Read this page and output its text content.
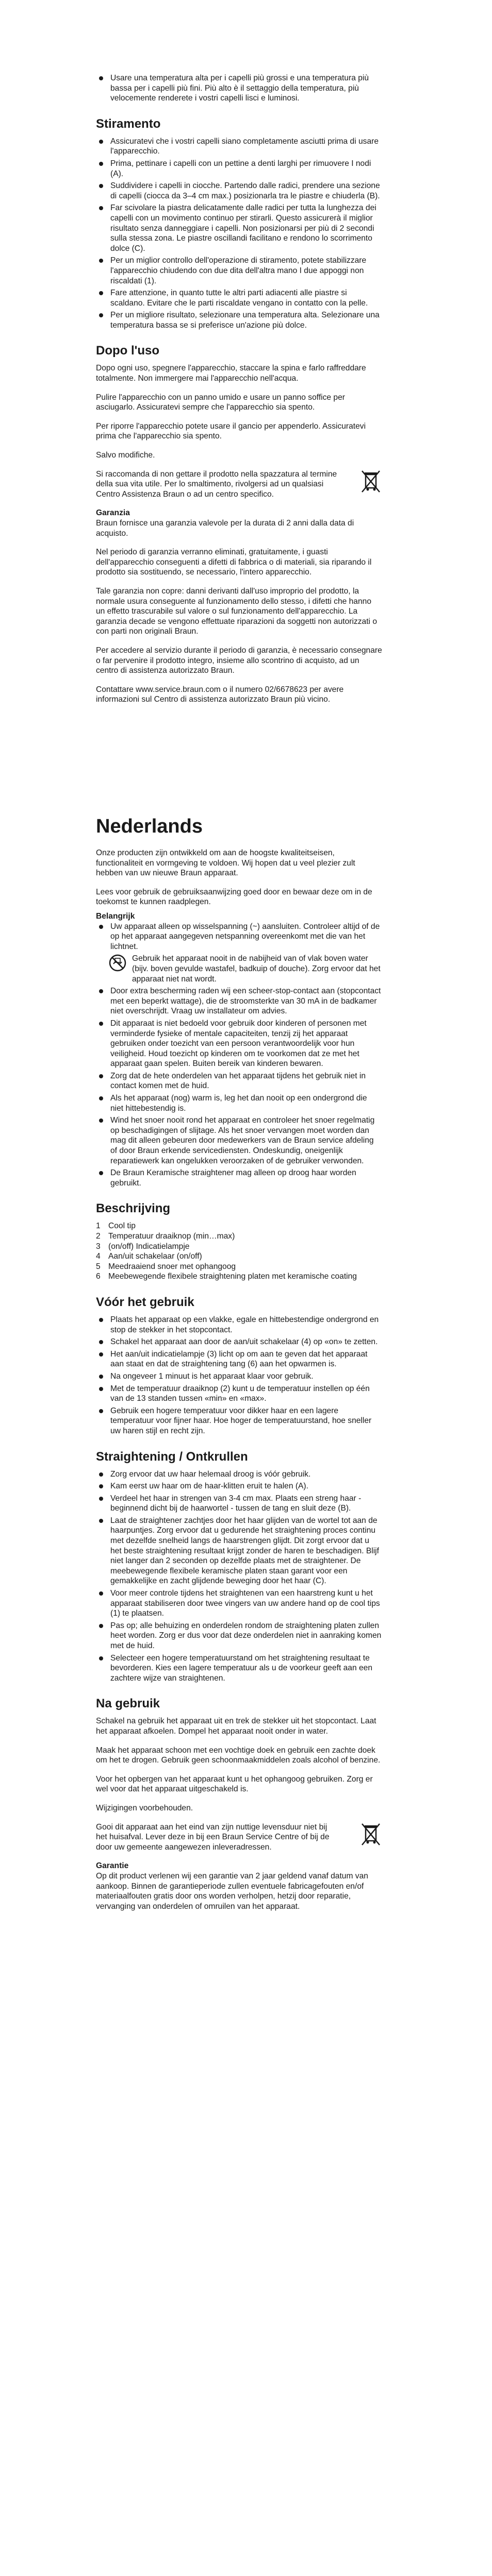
Usare una temperatura alta per i capelli più grossi e una temperatura più bassa per i capelli più fini. Più alto è il settaggio della temperatura, più velocemente renderete i vostri capelli lisci e luminosi.
Stiramento
Assicuratevi che i vostri capelli siano completamente asciutti prima di usare l'apparecchio.
Prima, pettinare i capelli con un pettine a denti larghi per rimuovere I nodi (A).
Suddividere i capelli in ciocche. Partendo dalle radici, prendere una sezione di capelli (ciocca da 3–4 cm max.) posizionarla tra le piastre e chiuderla (B).
Far scivolare la piastra delicatamente dalle radici per tutta la lunghezza dei capelli con un movimento continuo per stirarli. Questo assicurerà il miglior risultato senza danneggiare i capelli. Non posizionarsi per più di 2 secondi sulla stessa zona. Le piastre oscillandi facilitano e rendono lo scorrimento dolce (C).
Per un miglior controllo dell'operazione di stiramento, potete stabilizzare l'apparecchio chiudendo con due dita dell'altra mano I due appoggi non riscaldati (1).
Fare attenzione, in quanto tutte le altri parti adiacenti alle piastre si scaldano. Evitare che le parti riscaldate vengano in contatto con la pelle.
Per un migliore risultato, selezionare una temperatura alta. Selezionare una temperatura bassa se si preferisce un'azione più dolce.
Dopo l'uso

Dopo ogni uso, spegnere l'apparecchio, staccare la spina e farlo raffreddare totalmente. Non immergere mai l'apparecchio nell'acqua.

Pulire l'apparecchio con un panno umido e usare un panno soffice per asciugarlo. Assicuratevi sempre che l'apparecchio sia spento.

Per riporre l'apparecchio potete usare il gancio per appenderlo. Assicuratevi prima che l'apparecchio sia spento.

Salvo modifiche.

Si raccomanda di non gettare il prodotto nella spazzatura al termine della sua vita utile. Per lo smaltimento, rivolgersi ad un qualsiasi Centro Assistenza Braun o ad un centro specifico.

Garanzia

Braun fornisce una garanzia valevole per la durata di 2 anni dalla data di acquisto.

Nel periodo di garanzia verranno eliminati, gratuitamente, i guasti dell'apparecchio conseguenti a difetti di fabbrica o di materiali, sia riparando il prodotto sia sostituendo, se necessario, l'intero apparecchio.

Tale garanzia non copre: danni derivanti dall'uso improprio del prodotto, la normale usura conseguente al funzionamento dello stesso, i difetti che hanno un effetto trascurabile sul valore o sul funzionamento dell'apparecchio. La garanzia decade se vengono effettuate riparazioni da soggetti non autorizzati o con parti non originali Braun.

Per accedere al servizio durante il periodo di garanzia, è necessario consegnare o far pervenire il prodotto integro, insieme allo scontrino di acquisto, ad un centro di assistenza autorizzato Braun.

Contattare www.service.braun.com o il numero 02/6678623 per avere informazioni sul Centro di assistenza autorizzato Braun più vicino.

Nederlands

Onze producten zijn ontwikkeld om aan de hoogste kwaliteitseisen, functionaliteit en vormgeving te voldoen. Wij hopen dat u veel plezier zult hebben van uw nieuwe Braun apparaat.

Lees voor gebruik de gebruiksaanwijzing goed door en bewaar deze om in de toekomst te kunnen raadplegen.

Belangrijk
Uw apparaat alleen op wisselspanning (~) aansluiten. Controleer altijd of de op het apparaat aangegeven netspanning overeenkomt met die van het lichtnet.
Gebruik het apparaat nooit in de nabijheid van of vlak boven water (bijv. boven gevulde wastafel, badkuip of douche). Zorg ervoor dat het apparaat niet nat wordt.
Door extra bescherming raden wij een scheer-stop-contact aan (stopcontact met een beperkt wattage), die de stroomsterkte van 30 mA in de badkamer niet overschrijdt. Vraag uw installateur om advies.
Dit apparaat is niet bedoeld voor gebruik door kinderen of personen met verminderde fysieke of mentale capaciteiten, tenzij zij het apparaat gebruiken onder toezicht van een persoon verantwoordelijk voor hun veiligheid. Houd toezicht op kinderen om te voorkomen dat ze met het apparaat gaan spelen. Buiten bereik van kinderen bewaren.
Zorg dat de hete onderdelen van het apparaat tijdens het gebruik niet in contact komen met de huid.
Als het apparaat (nog) warm is, leg het dan nooit op een ondergrond die niet hittebestendig is.
Wind het snoer nooit rond het apparaat en controleer het snoer regelmatig op beschadigingen of slijtage. Als het snoer vervangen moet worden dan mag dit alleen gebeuren door medewerkers van de Braun service afdeling of door Braun erkende servicediensten. Ondeskundig, oneigenlijk reparatiewerk kan ongelukken veroorzaken of de gebruiker verwonden.
De Braun Keramische straightener mag alleen op droog haar worden gebruikt.
Beschrijving
1 Cool tip
2 Temperatuur draaiknop (min…max)
3 (on/off) Indicatielampje
4 Aan/uit schakelaar (on/off)
5 Meedraaiend snoer met ophangoog
6 Meebewegende flexibele straightening platen met keramische coating
Vóór het gebruik
Plaats het apparaat op een vlakke, egale en hittebestendige ondergrond en stop de stekker in het stopcontact.
Schakel het apparaat aan door de aan/uit schakelaar (4) op «on» te zetten.
Het aan/uit indicatielampje (3) licht op om aan te geven dat het apparaat aan staat en dat de straightening tang (6) aan het opwarmen is.
Na ongeveer 1 minuut is het apparaat klaar voor gebruik.
Met de temperatuur draaiknop (2) kunt u de temperatuur instellen op één van de 13 standen tussen «min» en «max».
Gebruik een hogere temperatuur voor dikker haar en een lagere temperatuur voor fijner haar. Hoe hoger de temperatuurstand, hoe sneller uw haren stijl en recht zijn.
Straightening / Ontkrullen
Zorg ervoor dat uw haar helemaal droog is vóór gebruik.
Kam eerst uw haar om de haar-klitten eruit te halen (A).
Verdeel het haar in strengen van 3-4 cm max. Plaats een streng haar - beginnend dicht bij de haarwortel - tussen de tang en sluit deze (B).
Laat de straightener zachtjes door het haar glijden van de wortel tot aan de haarpuntjes. Zorg ervoor dat u gedurende het straightening proces continu met dezelfde snelheid langs de haarstrengen glijdt. Dit zorgt ervoor dat u het beste straightening resultaat krijgt zonder de haren te beschadigen. Blijf niet langer dan 2 seconden op dezelfde plaats met de straightener. De meebewegende flexibele keramische platen staan garant voor een gemakkelijke en zacht glijdende beweging door het haar (C).
Voor meer controle tijdens het straightenen van een haarstreng kunt u het apparaat stabiliseren door twee vingers van uw andere hand op de cool tips (1) te plaatsen.
Pas op; alle behuizing en onderdelen rondom de straightening platen zullen heet worden. Zorg er dus voor dat deze onderdelen niet in aanraking komen met de huid.
Selecteer een hogere temperatuurstand om het straightening resultaat te bevorderen. Kies een lagere temperatuur als u de voorkeur geeft aan een zachtere wijze van straightenen.
Na gebruik

Schakel na gebruik het apparaat uit en trek de stekker uit het stopcontact. Laat het apparaat afkoelen. Dompel het apparaat nooit onder in water.

Maak het apparaat schoon met een vochtige doek en gebruik een zachte doek om het te drogen. Gebruik geen schoonmaakmiddelen zoals alcohol of benzine.

Voor het opbergen van het apparaat kunt u het ophangoog gebruiken. Zorg er wel voor dat het apparaat uitgeschakeld is.

Wijzigingen voorbehouden.

Gooi dit apparaat aan het eind van zijn nuttige levensduur niet bij het huisafval. Lever deze in bij een Braun Service Centre of bij de door uw gemeente aangewezen inleveradressen.

Garantie

Op dit product verlenen wij een garantie van 2 jaar geldend vanaf datum van aankoop. Binnen de garantieperiode zullen eventuele fabricagefouten en/of materiaalfouten gratis door ons worden verholpen, hetzij door reparatie, vervanging van onderdelen of omruilen van het apparaat.
